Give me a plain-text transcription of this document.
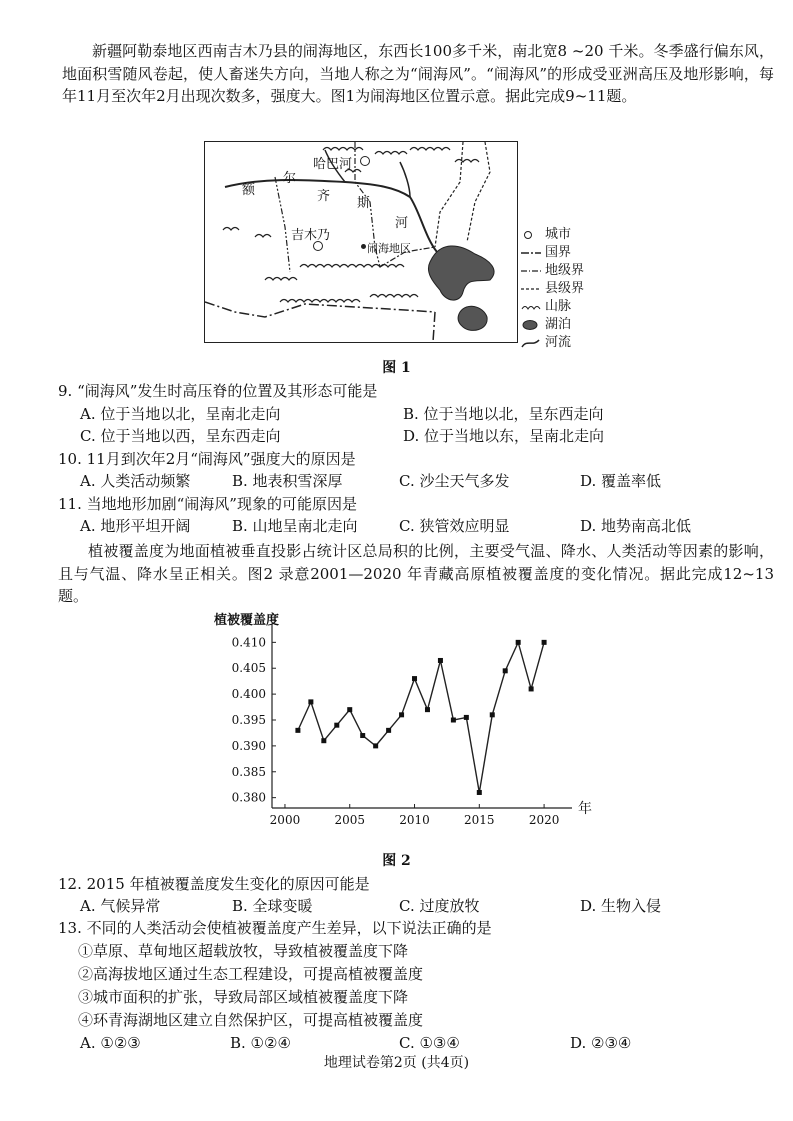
新疆阿勒泰地区西南吉木乃县的闹海地区，东西长100多千米，南北宽8 ~20 千米。冬季盛行偏东风，地面积雪随风卷起，使人畜迷失方向，当地人称之为“闹海风”。“闹海风”的形成受亚洲高压及地形影响，每年11月至次年2月出现次数多，强度大。图1为闹海地区位置示意。据此完成9~11题。
哈巴河
额
尔
齐 斯
河
吉木乃
闹海地区
城市
国界
地级界
县级界
山脉
湖泊
河流
图 1
9. “闹海风”发生时高压脊的位置及其形态可能是
A. 位于当地以北，呈南北走向	B. 位于当地以北，呈东西走向
C. 位于当地以西，呈东西走向	D. 位于当地以东，呈南北走向
10. 11月到次年2月“闹海风”强度大的原因是
A. 人类活动频繁	B. 地表积雪深厚	C. 沙尘天气多发	D. 覆盖率低
11. 当地地形加剧“闹海风”现象的可能原因是
A. 地形平坦开阔	B. 山地呈南北走向	C. 狭管效应明显	D. 地势南高北低
植被覆盖度为地面植被垂直投影占统计区总局积的比例，主要受气温、降水、人类活动等因素的影响，且与气温、降水呈正相关。图2 录意2001—2020 年青藏高原植被覆盖度的变化情况。据此完成12~13 题。
植被覆盖度
年
0.380
0.385
0.390
0.395
0.400
0.405
0.410
2000	2005	2010	2015	2020
图 2
12. 2015 年植被覆盖度发生变化的原因可能是
A. 气候异常	B. 全球变暖	C. 过度放牧	D. 生物入侵
13. 不同的人类活动会使植被覆盖度产生差异，以下说法正确的是
①草原、草甸地区超载放牧，导致植被覆盖度下降
②高海拔地区通过生态工程建设，可提高植被覆盖度
③城市面积的扩张，导致局部区域植被覆盖度下降
④环青海湖地区建立自然保护区，可提高植被覆盖度
A. ①②③	B. ①②④	C. ①③④	D. ②③④
地理试卷第2页 (共4页)
